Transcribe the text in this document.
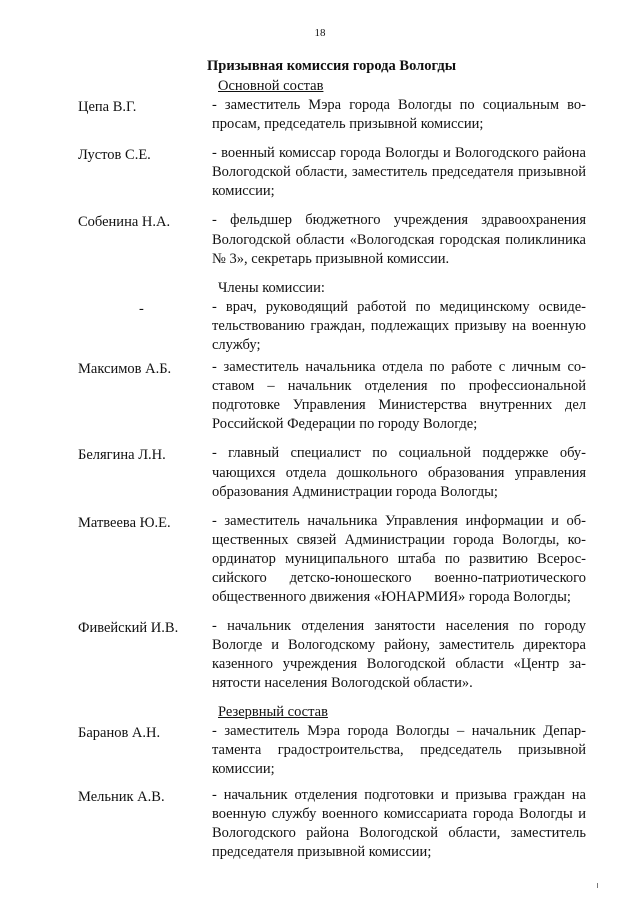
18
Призывная комиссия города Вологды
Основной состав
Цепа В.Г.	- заместитель Мэра города Вологды по социальным вопросам, председатель призывной комиссии;
Лустов С.Е.	- военный комиссар города Вологды и Вологодского района Вологодской области, заместитель председателя призывной комиссии;
Собенина Н.А.	- фельдшер бюджетного учреждения здравоохранения Вологодской области «Вологодская городская поликлиника № 3», секретарь призывной комиссии.
Члены комиссии:
-	- врач, руководящий работой по медицинскому освидетельствованию граждан, подлежащих призыву на военную службу;
Максимов А.Б.	- заместитель начальника отдела по работе с личным составом – начальник отделения по профессиональной подготовке Управления Министерства внутренних дел Российской Федерации по городу Вологде;
Белягина Л.Н.	- главный специалист по социальной поддержке обучающихся отдела дошкольного образования управления образования Администрации города Вологды;
Матвеева Ю.Е.	- заместитель начальника Управления информации и общественных связей Администрации города Вологды, координатор муниципального штаба по развитию Всероссийского детско-юношеского военно-патриотического общественного движения «ЮНАРМИЯ» города Вологды;
Фивейский И.В.	- начальник отделения занятости населения по городу Вологде и Вологодскому району, заместитель директора казенного учреждения Вологодской области «Центр занятости населения Вологодской области».
Резервный состав
Баранов А.Н.	- заместитель Мэра города Вологды – начальник Департамента градостроительства, председатель призывной комиссии;
Мельник А.В.	- начальник отделения подготовки и призыва граждан на военную службу военного комиссариата города Вологды и Вологодского района Вологодской области, заместитель председателя призывной комиссии;
